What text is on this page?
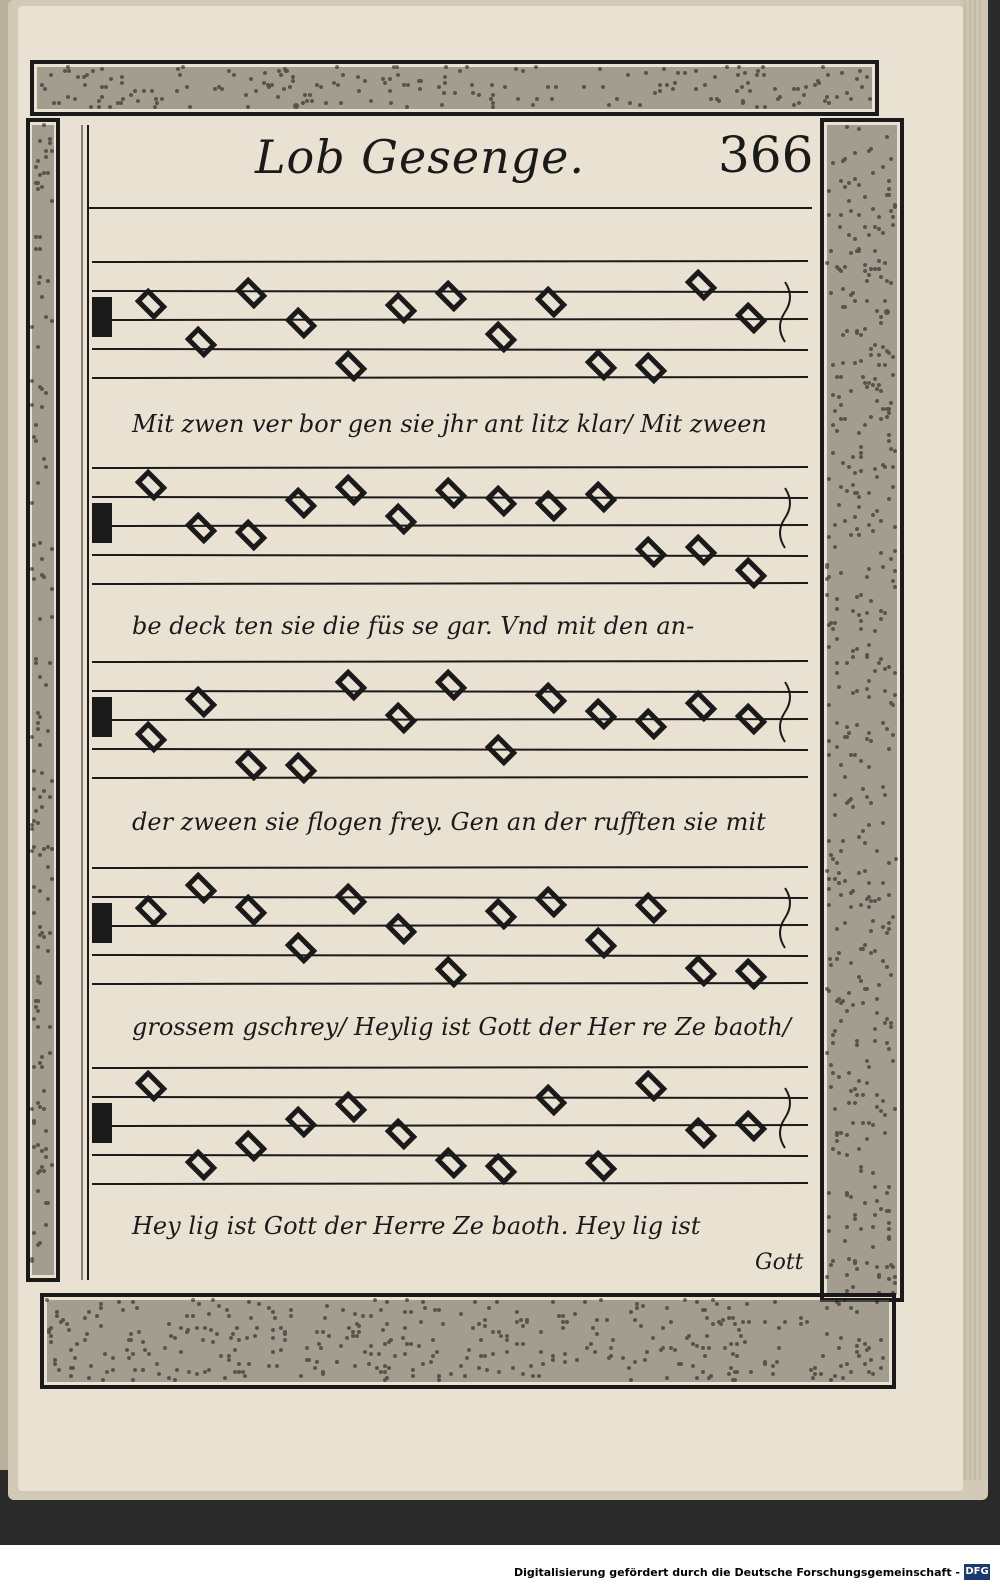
Lob Gesenge.	366
Mit zwen ver bor gen sie jhr ant litz klar/ Mit zween
be deck ten sie die füs se gar. Vnd mit den an-
der zween sie flogen frey. Gen an der rufften sie mit
grossem gschrey/ Heylig ist Gott der Her re Ze baoth/
Hey lig ist Gott der Herre Ze baoth. Hey lig ist
Gott
Digitalisierung gefördert durch die Deutsche Forschungsgemeinschaft - DFG
